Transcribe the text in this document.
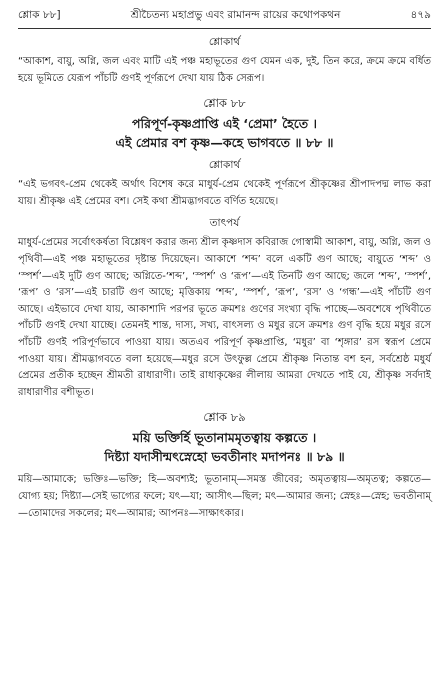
শ্লোক ৮৮]	শ্রীচৈতন্য মহাপ্রভু এবং রামানন্দ রায়ের কথোপকথন	৪৭৯
শ্লোকার্থ

“আকাশ, বায়ু, অগ্নি, জল এবং মাটি এই পঞ্চ মহাভূতের গুণ যেমন এক, দুই, তিন করে, ক্রমে ক্রমে বর্ধিত হয়ে ভূমিতে যেরূপ পাঁচটি গুণই পূর্ণরূপে দেখা যায় ঠিক সেরূপ।

শ্লোক ৮৮

পরিপূর্ণ-কৃষ্ণপ্রাপ্তি এই ‘প্রেমা’ হৈতে ।

এই প্রেমার বশ কৃষ্ণ—কহে ভাগবতে ॥ ৮৮ ॥

শ্লোকার্থ

“এই ভগবৎ-প্রেম থেকেই অর্থাৎ বিশেষ করে মাধুর্য-প্রেম থেকেই পূর্ণরূপে শ্রীকৃষ্ণের শ্রীপাদপদ্ম লাভ করা যায়। শ্রীকৃষ্ণ এই প্রেমের বশ। সেই কথা শ্রীমদ্ভাগবতে বর্ণিত হয়েছে।

তাৎপর্য

মাধুর্য-প্রেমের সর্বোৎকর্ষতা বিশ্লেষণ করার জন্য শ্রীল কৃষ্ণদাস কবিরাজ গোস্বামী আকাশ, বায়ু, অগ্নি, জল ও পৃথিবী—এই পঞ্চ মহাভূতের দৃষ্টান্ত দিয়েছেন। আকাশে ‘শব্দ’ বলে একটি গুণ আছে; বায়ুতে ‘শব্দ’ ও ‘স্পর্শ’—এই দুটি গুণ আছে; অগ্নিতে-‘শব্দ’, ‘স্পর্শ’ ও ‘রূপ’—এই তিনটি গুণ আছে; জলে ‘শব্দ’, ‘স্পর্শ’, ‘রূপ’ ও ‘রস’—এই চারটি গুণ আছে; মৃত্তিকায় ‘শব্দ’, ‘স্পর্শ’, ‘রূপ’, ‘রস’ ও ‘গন্ধ’—এই পাঁচটি গুণ আছে। এইভাবে দেখা যায়, আকাশাদি পরপর ভূতে ক্রমশঃ গুণের সংখ্যা বৃদ্ধি পাচ্ছে—অবশেষে পৃথিবীতে পাঁচটি গুণই দেখা যাচ্ছে। তেমনই শান্ত, দাস্য, সখ্য, বাৎসল্য ও মধুর রসে ক্রমশঃ গুণ বৃদ্ধি হয়ে মধুর রসে পাঁচটি গুণই পরিপূর্ণভাবে পাওয়া যায়। অতএব পরিপূর্ণ কৃষ্ণপ্রাপ্তি, ‘মধুর’ বা ‘শৃঙ্গার’ রস স্বরূপ প্রেমে পাওয়া যায়। শ্রীমদ্ভাগবতে বলা হয়েছে—মধুর রসে উৎফুল্ল প্রেমে শ্রীকৃষ্ণ নিতান্ত বশ হন, সর্বশ্রেষ্ঠ মধুর্য প্রেমের প্রতীক হচ্ছেন শ্রীমতী রাধারাণী। তাই রাধাকৃষ্ণের লীলায় আমরা দেখতে পাই যে, শ্রীকৃষ্ণ সর্বদাই রাধারাণীর বশীভূত।

শ্লোক ৮৯

ময়ি ভক্তির্হি ভূতানামমৃতত্বায় কল্পতে ।

দিষ্ট্যা যদাসীন্মৎস্নেহো ভবতীনাং মদাপনঃ ॥ ৮৯ ॥

ময়ি—আমাকে; ভক্তিঃ—ভক্তি; হি—অবশ্যই; ভূতানাম্—সমস্ত জীবের; অমৃতত্বায়—অমৃতত্ব; কল্পতে—যোগ্য হয়; দিষ্ট্যা—সেই ভাগ্যের ফলে; যৎ—যা; আসীৎ—ছিল; মৎ—আমার জন্য; স্নেহঃ—স্নেহ; ভবতীনাম্—তোমাদের সকলের; মৎ—আমার; আপনঃ—সাক্ষাৎকার।
